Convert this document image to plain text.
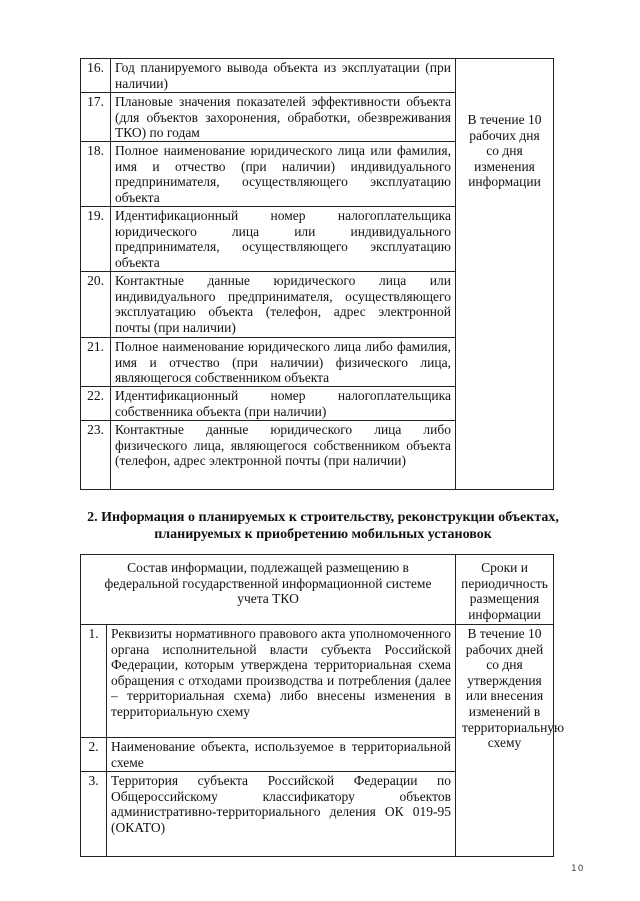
16.	Год планируемого вывода объекта из эксплуатации (при наличии)	В течение 10 рабочих дня со дня изменения информации

17.	Плановые значения показателей эффективности объекта (для объектов захоронения, обработки, обезвреживания ТКО) по годам	
18.	Полное наименование юридического лица или фамилия, имя и отчество (при наличии) индивидуального предпринимателя, осуществляющего эксплуатацию объекта	
19.	Идентификационный номер налогоплательщика юридического лица или индивидуального предпринимателя, осуществляющего эксплуатацию объекта	
20.	Контактные данные юридического лица или индивидуального предпринимателя, осуществляющего эксплуатацию объекта (телефон, адрес электронной почты (при наличии)	
21.	Полное наименование юридического лица либо фамилия, имя и отчество (при наличии) физического лица, являющегося собственником объекта	
22.	Идентификационный номер налогоплательщика собственника объекта (при наличии)	
23.	Контактные данные юридического лица либо физического лица, являющегося собственником объекта (телефон, адрес электронной почты (при наличии)	
2. Информация о планируемых к строительству, реконструкции объектах, планируемых к приобретению мобильных установок
Состав информации, подлежащей размещению в федеральной государственной информационной системе учета ТКО		Сроки и периодичность размещения информации
1.	Реквизиты нормативного правового акта уполномоченного органа исполнительной власти субъекта Российской Федерации, которым утверждена территориальная схема обращения с отходами производства и потребления (далее – территориальная схема) либо внесены изменения в территориальную схему	В течение 10 рабочих дней со дня утверждения или внесения изменений в территориальную схему

2.	Наименование объекта, используемое в территориальной схеме	
3.	Территория субъекта Российской Федерации по Общероссийскому классификатору объектов административно-территориального деления ОК 019-95 (ОКАТО)	
10
